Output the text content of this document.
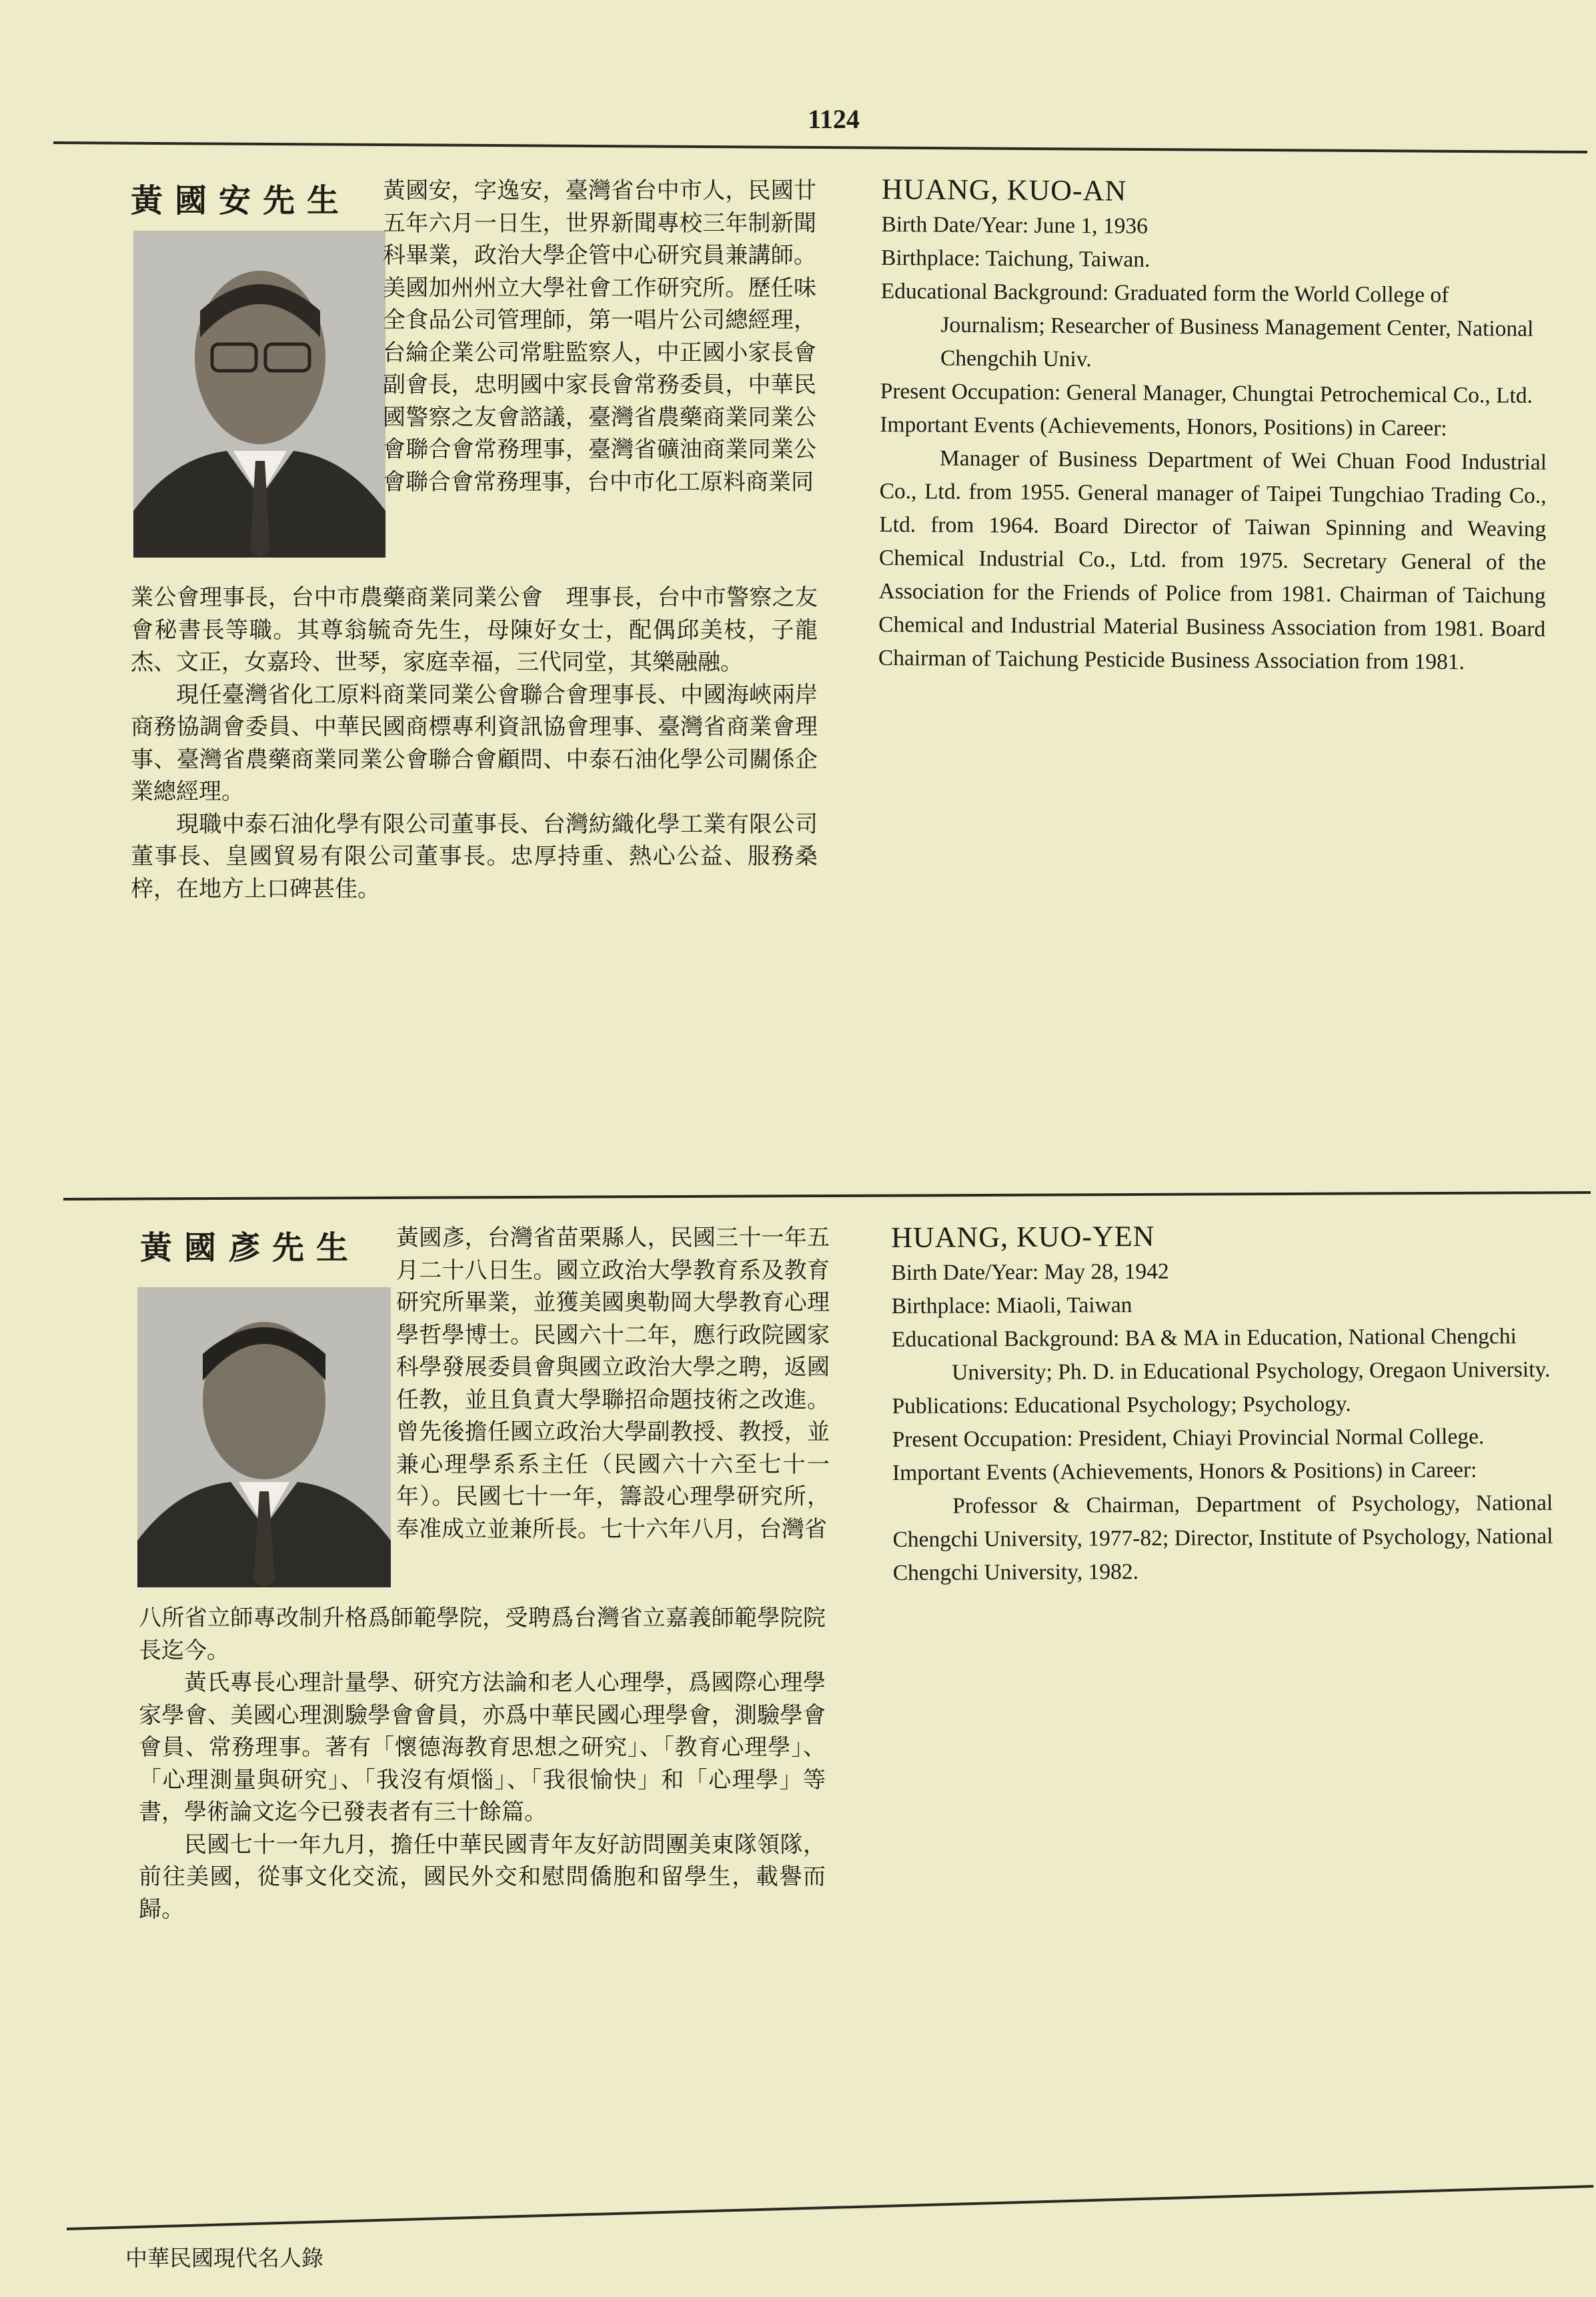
1124
黃國安先生 黃國安，字逸安，臺灣省台中市人，民國廿五年六月一日生，世界新聞專校三年制新聞科畢業，政治大學企管中心研究員兼講師。美國加州州立大學社會工作研究所。歷任味全食品公司管理師，第一唱片公司總經理，台綸企業公司常駐監察人，中正國小家長會副會長，忠明國中家長會常務委員，中華民國警察之友會諮議，臺灣省農藥商業同業公會聯合會常務理事，臺灣省礦油商業同業公會聯合會常務理事，台中市化工原料商業同

業公會理事長，台中市農藥商業同業公會　理事長，台中市警察之友會秘書長等職。其尊翁毓奇先生，母陳好女士，配偶邱美枝，子龍杰、文正，女嘉玲、世琴，家庭幸福，三代同堂，其樂融融。

現任臺灣省化工原料商業同業公會聯合會理事長、中國海峽兩岸商務協調會委員、中華民國商標專利資訊協會理事、臺灣省商業會理事、臺灣省農藥商業同業公會聯合會顧問、中泰石油化學公司關係企業總經理。

現職中泰石油化學有限公司董事長、台灣紡織化學工業有限公司董事長、皇國貿易有限公司董事長。忠厚持重、熱心公益、服務桑梓，在地方上口碑甚佳。

HUANG, KUO-AN
Birth Date/Year: June 1, 1936
Birthplace: Taichung, Taiwan.
Educational Background: Graduated form the World College of Journalism; Researcher of Business Management Center, National Chengchih Univ.
Present Occupation: General Manager, Chungtai Petrochemical Co., Ltd.
Important Events (Achievements, Honors, Positions) in Career:
Manager of Business Department of Wei Chuan Food Industrial Co., Ltd. from 1955. General manager of Taipei Tungchiao Trading Co., Ltd. from 1964. Board Director of Taiwan Spinning and Weaving Chemical Industrial Co., Ltd. from 1975. Secretary General of the Association for the Friends of Police from 1981. Chairman of Taichung Chemical and Industrial Material Business Association from 1981. Board Chairman of Taichung Pesticide Business Association from 1981.
黃國彥先生 黃國彥，台灣省苗栗縣人，民國三十一年五月二十八日生。國立政治大學教育系及教育研究所畢業，並獲美國奧勒岡大學教育心理學哲學博士。民國六十二年，應行政院國家科學發展委員會與國立政治大學之聘，返國任教，並且負責大學聯招命題技術之改進。曾先後擔任國立政治大學副教授、教授，並兼心理學系系主任（民國六十六至七十一年）。民國七十一年，籌設心理學研究所，奉准成立並兼所長。七十六年八月，台灣省

八所省立師專改制升格爲師範學院，受聘爲台灣省立嘉義師範學院院長迄今。

黃氏專長心理計量學、研究方法論和老人心理學，爲國際心理學家學會、美國心理測驗學會會員，亦爲中華民國心理學會，測驗學會會員、常務理事。著有「懷德海教育思想之研究」、「教育心理學」、「心理測量與研究」、「我沒有煩惱」、「我很愉快」和「心理學」等書，學術論文迄今已發表者有三十餘篇。

民國七十一年九月，擔任中華民國青年友好訪問團美東隊領隊，前往美國，從事文化交流，國民外交和慰問僑胞和留學生，載譽而歸。

HUANG, KUO-YEN
Birth Date/Year: May 28, 1942
Birthplace: Miaoli, Taiwan
Educational Background: BA & MA in Education, National Chengchi University; Ph. D. in Educational Psychology, Oregaon University.
Publications: Educational Psychology; Psychology.
Present Occupation: President, Chiayi Provincial Normal College.
Important Events (Achievements, Honors & Positions) in Career:
Professor & Chairman, Department of Psychology, National Chengchi University, 1977-82; Director, Institute of Psychology, National Chengchi University, 1982.
中華民國現代名人錄
